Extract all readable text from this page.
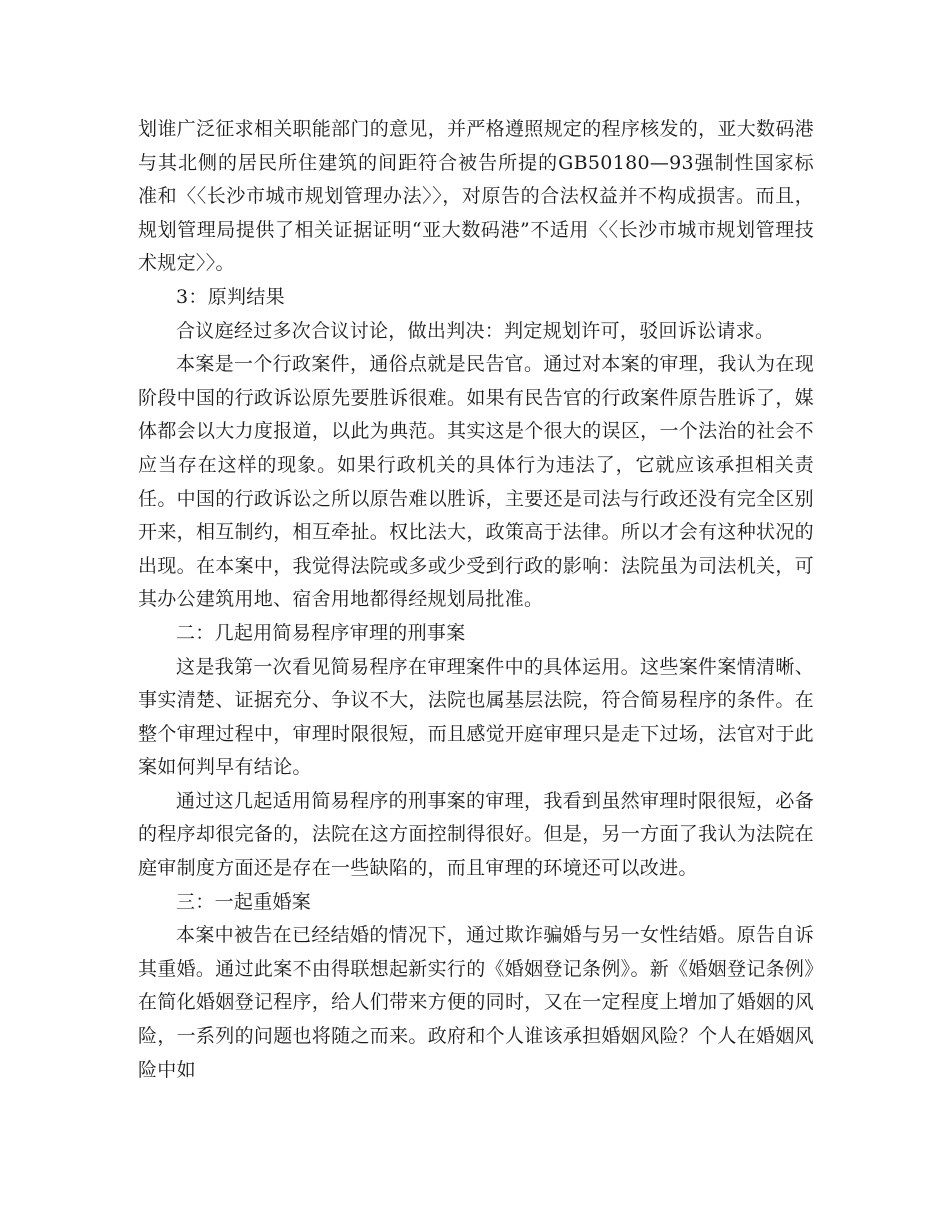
划谁广泛征求相关职能部门的意见，并严格遵照规定的程序核发的，亚大数码港与其北侧的居民所住建筑的间距符合被告所提的GB50180—93强制性国家标准和〈〈长沙市城市规划管理办法〉〉，对原告的合法权益并不构成损害。而且，规划管理局提供了相关证据证明“亚大数码港”不适用〈〈长沙市城市规划管理技术规定〉〉。

3：原判结果

合议庭经过多次合议讨论，做出判决：判定规划许可，驳回诉讼请求。

本案是一个行政案件，通俗点就是民告官。通过对本案的审理，我认为在现阶段中国的行政诉讼原先要胜诉很难。如果有民告官的行政案件原告胜诉了，媒体都会以大力度报道，以此为典范。其实这是个很大的误区，一个法治的社会不应当存在这样的现象。如果行政机关的具体行为违法了，它就应该承担相关责任。中国的行政诉讼之所以原告难以胜诉，主要还是司法与行政还没有完全区别开来，相互制约，相互牵扯。权比法大，政策高于法律。所以才会有这种状况的出现。在本案中，我觉得法院或多或少受到行政的影响：法院虽为司法机关，可其办公建筑用地、宿舍用地都得经规划局批准。

二：几起用简易程序审理的刑事案

这是我第一次看见简易程序在审理案件中的具体运用。这些案件案情清晰、事实清楚、证据充分、争议不大，法院也属基层法院，符合简易程序的条件。在整个审理过程中，审理时限很短，而且感觉开庭审理只是走下过场，法官对于此案如何判早有结论。

通过这几起适用简易程序的刑事案的审理，我看到虽然审理时限很短，必备的程序却很完备的，法院在这方面控制得很好。但是，另一方面了我认为法院在庭审制度方面还是存在一些缺陷的，而且审理的环境还可以改进。

三：一起重婚案

本案中被告在已经结婚的情况下，通过欺诈骗婚与另一女性结婚。原告自诉其重婚。通过此案不由得联想起新实行的《婚姻登记条例》。新《婚姻登记条例》在简化婚姻登记程序，给人们带来方便的同时，又在一定程度上增加了婚姻的风险，一系列的问题也将随之而来。政府和个人谁该承担婚姻风险？个人在婚姻风险中如
